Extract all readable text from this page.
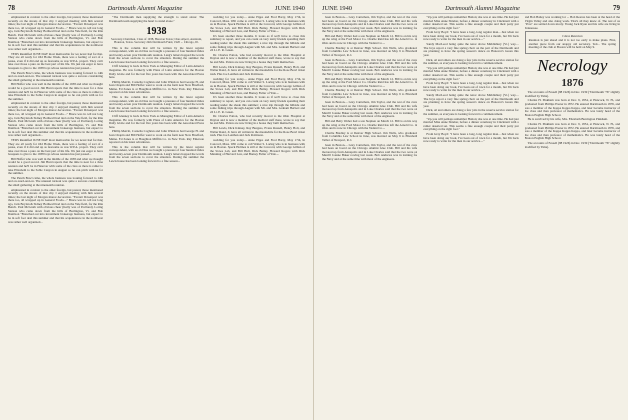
78	Dartmouth Alumni Magazine	JUNE 1940

emphasized in contrast to the other foreign, but pasted, those mentioned recently on the streets of that city. I enjoyed meeting with him several times; the last night of Morgan manor decoration. "Everett Davenport was there too, all wrapped up in General Foods...." Bruce was in cell not long ago, Jack Boylan & Sidney Bothwell had tied on the Yale field, for the Rite Bench. Paul McGrath with obvious cheer (Kelly was of Portland). Loring Stetson who came down from the hills of Burlington, Vt. and Bob Danilson "Branched out into investment brokerage business, but expect to be in soft foot deal this summer and that his acquaintance in the northwest was rather well organized...

TEDS Reunified JUNE DAY most memorable for we never had for that. They are all ready for Old Home Week, there was a feeling of sort of a pause, even if it did end up as fearsome as was W.P.A. project. They can't take over those a pure on the best part of his life. We just ran eager to have bouquets to give to the 1938 boys whose reunion has just passed...

The Punch Bowl came, the whole business was looking forward to 14th and on-ward-and-on. The unusual turnout was quite a success considering the small gathering at the nineteenth reunion.

Bill Hoffer who was well in the middle of the 1938 and what we thought would be a good record. Jim Hurd reports that the time is near for a June reunion and he'll be in Hanover with some of the class as there is rather to take Elizabeth to the Sable Canyon in August so he can pitch with us for the summer.

emphasized in contrast to the other foreign, but pasted, those mentioned recently on the streets of that city. I enjoyed meeting with him several times; the last night of Morgan manor decoration. "Everett Davenport was there too, all wrapped up in General Foods...." Bruce was in cell not long ago, Jack Boylan & Sidney Bothwell had tied on the Yale field, for the Rite Bench. Paul McGrath with obvious cheer (Kelly was of Portland). Loring Stetson who came down from the hills of Burlington, Vt. and Bob Danilson "Branched out into investment brokerage business, but expect to be in soft foot deal this summer and that his acquaintance in the northwest was rather well organized...

TEDS Reunified JUNE DAY most memorable for we never had for that. They are all ready for Old Home Week, there was a feeling of sort of a pause, even if it did end up as fearsome as was W.P.A. project. They can't take over those a pure on the best part of his life. We just ran eager to have bouquets to give to the 1938 boys whose reunion has just passed...

Bill Hoffer who was well in the middle of the 1938 and what we thought would be a good record. Jim Hurd reports that the time is near for a June reunion and he'll be in Hanover with some of the class as there is rather to take Elizabeth to the Sable Canyon in August so he can pitch with us for the summer.

The Punch Bowl came, the whole business was looking forward to 14th and on-ward-and-on. The unusual turnout was quite a success considering the small gathering at the nineteenth reunion.

emphasized in contrast to the other foreign, but pasted, those mentioned recently on the streets of that city. I enjoyed meeting with him several times; the last night of Morgan manor decoration. "Everett Davenport was there too, all wrapped up in General Foods...." Bruce was in cell not long ago, Jack Boylan & Sidney Bothwell had tied on the Yale field, for the Rite Bench. Paul McGrath with obvious cheer (Kelly was of Portland). Loring Stetson who came down from the hills of Burlington, Vt. and Bob Danilson "Branched out into investment brokerage business, but expect to be in soft foot deal this summer and that his acquaintance in the northwest was rather well organized...

"The Dartmouth men supplying the strength to stand alone: The Dartmouth team supplying the heart to stand alone."

1938
Secretary-Chairman, Class of 1938, Hanover Texas; Chas Alpert, Assistant, Houston, Texas. Secretary 24th Dartmouth Fund, 1920 ... Chicago, Ill.

This is the column that will be written by the latest regular correspondent, with an old line we bought a pressure of four hundred miles and twenty-seven year Dartmouth reunion. Lang's letters hopped the words from the seven sections to cover the situation. During the summer the Lewis house has been looking forward to a fine season...

Cliff Glenney is back in New York as Managing Editor of Latin America magazine. He was formerly with Plans of Latin America for the Boston Daily Globe and for the last five years has been with the Associated Press here.

Phillip Merritt, Cornelia Cogbrun and John Winslow had George H. and Jean Chapin and Bill Hoffer went to work on the farm near New Bradford, Maine. Ed Zanes is at Houghton Mifflin Co. in New York. Ray Emerson reported on his latest adventures.

This is the column that will be written by the latest regular correspondent, with an old line we bought a pressure of four hundred miles and twenty-seven year Dartmouth reunion. Lang's letters hopped the words from the seven sections to cover the situation. During the summer the Lewis house has been looking forward to a fine season...

Cliff Glenney is back in New York as Managing Editor of Latin America magazine. He was formerly with Plans of Latin America for the Boston Daily Globe and for the last five years has been with the Associated Press here.

Phillip Merritt, Cornelia Cogbrun and John Winslow had George H. and Jean Chapin and Bill Hoffer went to work on the farm near New Bradford, Maine. Ed Zanes is at Houghton Mifflin Co. in New York. Ray Emerson reported on his latest adventures.

This is the column that will be written by the latest regular correspondent, with an old line we bought a pressure of four hundred miles and twenty-seven year Dartmouth reunion. Lang's letters hopped the words from the seven sections to cover the situation. During the summer the Lewis house has been looking forward to a fine season...

wedding for you today.... Anne Pipps and Fred Harry, May 17th, in Concord, Mass. Will come to call Walter S. Loring who is in business with us in Boston. Speck Holmes is still at the Concord, with George Gillian of the Stowe Lab, and Bill Hull, Dick Bailey, Howard Rogers with Dick Manning of Harvard Law, and Barney Fuller of Yale....

It's been another three months. It looks as if we'll have to close this summary to report, and you can count on very tastty friends spending their reading under the shade this summer; a nice trip through the hillside and some fishing trips through August with Mr. and Mrs. Graham Herbert and 2d Lt. E. R. Green.

Dr. Charles Patton, who had recently moved to the Ohio Hospital at Dayton and is now a member of the medical staff there, wrote to say that he and Mrs. Patton are now living in a house they built themselves.

Bill Lewis, Dick Kinney, Ray Burgess, Evans Russell, Henry Holt, and Walter Rand, Jr. have all written in the meanwhile for the Rose Bowl ticket rush. Plus Joe Lenihan and Jack Robinson.

wedding for you today.... Anne Pipps and Fred Harry, May 17th, in Concord, Mass. Will come to call Walter S. Loring who is in business with us in Boston. Speck Holmes is still at the Concord, with George Gillian of the Stowe Lab, and Bill Hull, Dick Bailey, Howard Rogers with Dick Manning of Harvard Law, and Barney Fuller of Yale....

It's been another three months. It looks as if we'll have to close this summary to report, and you can count on very tastty friends spending their reading under the shade this summer; a nice trip through the hillside and some fishing trips through August with Mr. and Mrs. Graham Herbert and 2d Lt. E. R. Green.

Dr. Charles Patton, who had recently moved to the Ohio Hospital at Dayton and is now a member of the medical staff there, wrote to say that he and Mrs. Patton are now living in a house they built themselves.

Bill Lewis, Dick Kinney, Ray Burgess, Evans Russell, Henry Holt, and Walter Rand, Jr. have all written in the meanwhile for the Rose Bowl ticket rush. Plus Joe Lenihan and Jack Robinson.

wedding for you today.... Anne Pipps and Fred Harry, May 17th, in Concord, Mass. Will come to call Walter S. Loring who is in business with us in Boston. Speck Holmes is still at the Concord, with George Gillian of the Stowe Lab, and Bill Hull, Dick Bailey, Howard Rogers with Dick Manning of Harvard Law, and Barney Fuller of Yale....

JUNE 1940	Dartmouth Alumni Magazine	79

been in Boston.... Gray Carruthers, Jim Taylor, and the rest of the crew had been on board on the Chicago Alumni Glee Club. Bill and his wife motored up from Annapolis and in Lake Charles said that the two were on Merrill Joanne Baker rowing last week. Bob Andrews was in training for the Navy and at the same time with most of the engineers.

Bill and Betty Weber had a son Stephen on March 12. Bill is on his way up the wing at the Ford Motor Co. Charlie Reid has left the Arnold Co. in Ohio and is now in Chicago with the Vadant Co....

Charlie Bradley is at Denver High School. Jim Wells, who graduated from Columbia Law School in June, was married on May 9 to Elizabeth Talbot of Newport, R. I.

been in Boston.... Gray Carruthers, Jim Taylor, and the rest of the crew had been on board on the Chicago Alumni Glee Club. Bill and his wife motored up from Annapolis and in Lake Charles said that the two were on Merrill Joanne Baker rowing last week. Bob Andrews was in training for the Navy and at the same time with most of the engineers.

Bill and Betty Weber had a son Stephen on March 12. Bill is on his way up the wing at the Ford Motor Co. Charlie Reid has left the Arnold Co. in Ohio and is now in Chicago with the Vadant Co....

Charlie Bradley is at Denver High School. Jim Wells, who graduated from Columbia Law School in June, was married on May 9 to Elizabeth Talbot of Newport, R. I.

been in Boston.... Gray Carruthers, Jim Taylor, and the rest of the crew had been on board on the Chicago Alumni Glee Club. Bill and his wife motored up from Annapolis and in Lake Charles said that the two were on Merrill Joanne Baker rowing last week. Bob Andrews was in training for the Navy and at the same time with most of the engineers.

Bill and Betty Weber had a son Stephen on March 12. Bill is on his way up the wing at the Ford Motor Co. Charlie Reid has left the Arnold Co. in Ohio and is now in Chicago with the Vadant Co....

Charlie Bradley is at Denver High School. Jim Wells, who graduated from Columbia Law School in June, was married on May 9 to Elizabeth Talbot of Newport, R. I.

been in Boston.... Gray Carruthers, Jim Taylor, and the rest of the crew had been on board on the Chicago Alumni Glee Club. Bill and his wife motored up from Annapolis and in Lake Charles said that the two were on Merrill Joanne Baker rowing last week. Bob Andrews was in training for the Navy and at the same time with most of the engineers.

"Up-you will perhaps remember Hutton; she was at one time. He had just married Miss Anne Shieber, before a dinner ceremony in Cincinnati with a rather deserted set. This seems a fine enough couple and their party put everything on the right foot."

From Jerry Boyd: "I have been a long, long regular man... Just when we have been doing our book, I've been out of town for a month, but I'm back now ready to write for the men in our service...."

Sandy MacLeod being quite the tenor above Middlebury (Vt.) way.... The boys report a very fine spring choir on the part of the Dartmouth and are planning to have the spring season's dance on Hanover's Green this year.

Dick, Al and others are doing a few jobs in the reserve service station for the summer, as everyone is looking forward to commencement.

"Up-you will perhaps remember Hutton; she was at one time. He had just married Miss Anne Shieber, before a dinner ceremony in Cincinnati with a rather deserted set. This seems a fine enough couple and their party put everything on the right foot."

From Jerry Boyd: "I have been a long, long regular man... Just when we have been doing our book, I've been out of town for a month, but I'm back now ready to write for the men in our service...."

Sandy MacLeod being quite the tenor above Middlebury (Vt.) way.... The boys report a very fine spring choir on the part of the Dartmouth and are planning to have the spring season's dance on Hanover's Green this year.

Dick, Al and others are doing a few jobs in the reserve service station for the summer, as everyone is looking forward to commencement.

"Up-you will perhaps remember Hutton; she was at one time. He had just married Miss Anne Shieber, before a dinner ceremony in Cincinnati with a rather deserted set. This seems a fine enough couple and their party put everything on the right foot."

From Jerry Boyd: "I have been a long, long regular man... Just when we have been doing our book, I've been out of town for a month, but I'm back now ready to write for the men in our service...."

and Bob Bailey was working for ... Bob Reeves has been at the head of the Virgin Valley and also doing work. That's all they knew of. The rest of us "Pros" are settled down nicely. Young Jack Ryan and his wife are living in Tennessee.

Class Reunion

Reunion is just ahead and it is not too early to make plans. First, another piece from our snappy old secretary. Ted... The spring meeting of the club at Boston will be held on May 9.

Necrology
1876

The accounts of Fessell (88 1926) in Dec. 1939 ("Dartmouth '76" slightly modified by Time).

Charles H. Pinkham was born at Dec. 9, 1854, at Hancock, N. H., and graduated from Phillips Exeter in 1872. He entered Dartmouth in 1876, and was a member of the Kappa Kappa Kappa, and later became instructor of the class and then professor of mathematics. He was lately head of the Boston English High School.

He is survived by his wife, Mrs. Elizabeth Burrington Pinkham.

Charles H. Pinkham was born at Dec. 9, 1854, at Hancock, N. H., and graduated from Phillips Exeter in 1872. He entered Dartmouth in 1876, and was a member of the Kappa Kappa Kappa, and later became instructor of the class and then professor of mathematics. He was lately head of the Boston English High School.

The accounts of Fessell (88 1926) in Dec. 1939 ("Dartmouth '76" slightly modified by Time).
